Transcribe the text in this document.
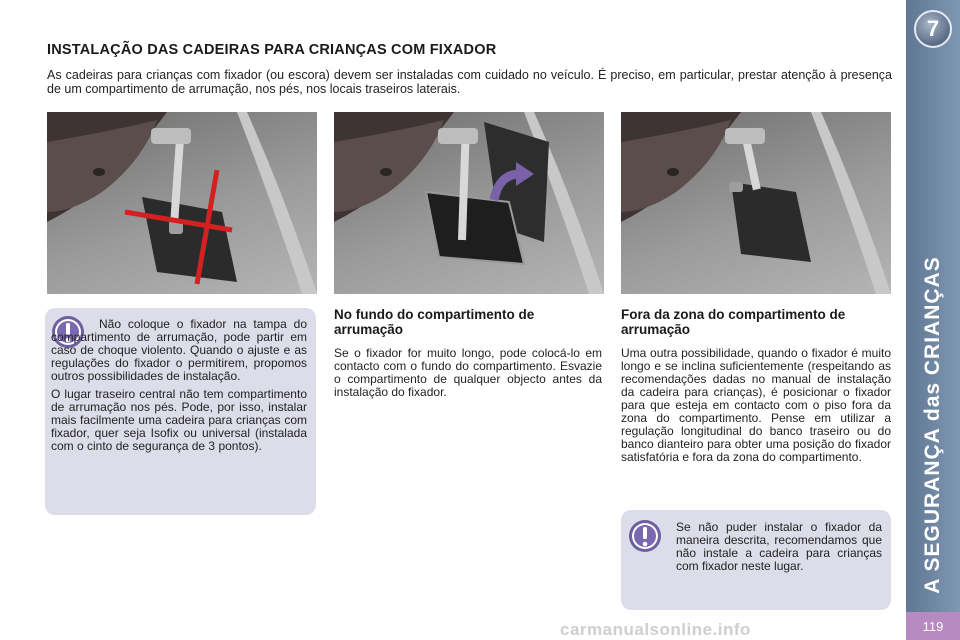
7
A SEGURANÇA das CRIANÇAS
119
INSTALAÇÃO DAS CADEIRAS PARA CRIANÇAS COM FIXADOR

As cadeiras para crianças com fixador (ou escora) devem ser instaladas com cuidado no veículo. É preciso, em particular, prestar atenção à presença de um compartimento de arrumação, nos pés, nos locais traseiros laterais.

Não coloque o fixador na tampa do compartimento de arrumação, pode partir em caso de choque violento. Quando o ajuste e as regulações do fixador o permitirem, propomos outros possibilidades de instalação.

O lugar traseiro central não tem compartimento de arrumação nos pés. Pode, por isso, instalar mais facilmente uma cadeira para crianças com fixador, quer seja Isofix ou universal (instalada com o cinto de segurança de 3 pontos).

No fundo do compartimento de arrumação

Se o fixador for muito longo, pode colocá-lo em contacto com o fundo do compartimento. Esvazie o compartimento de qualquer objecto antes da instalação do fixador.

Fora da zona do compartimento de arrumação

Uma outra possibilidade, quando o fixador é muito longo e se inclina suficientemente (respeitando as recomendações dadas no manual de instalação da cadeira para crianças), é posicionar o fixador para que esteja em contacto com o piso fora da zona do compartimento. Pense em utilizar a regulação longitudinal do banco traseiro ou do banco dianteiro para obter uma posição do fixador satisfatória e fora da zona do compartimento.

Se não puder instalar o fixador da maneira descrita, recomendamos que não instale a cadeira para crianças com fixador neste lugar.

carmanualsonline.info
